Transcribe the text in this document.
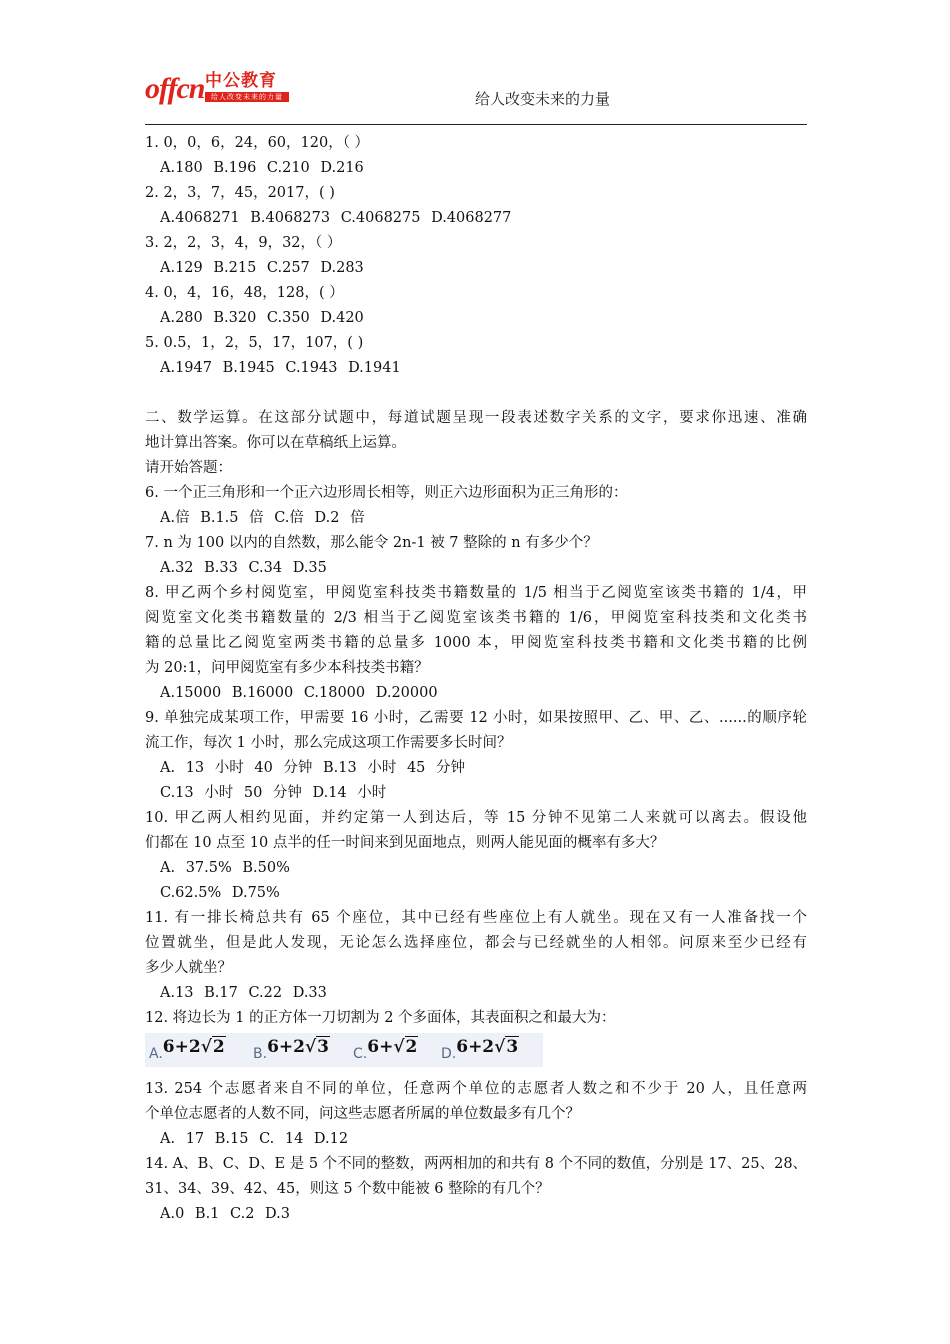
offcn 中公教育
给人改变未来的力量	给人改变未来的力量
1. 0，0，6，24，60，120，（ ）
A.180 B.196 C.210 D.216
2. 2，3，7，45，2017，( )
A.4068271 B.4068273 C.4068275 D.4068277
3. 2，2，3，4，9，32，（ ）
A.129 B.215 C.257 D.283
4. 0，4，16，48，128，( ）
A.280 B.320 C.350 D.420
5. 0.5，1，2，5，17，107，( )
A.1947 B.1945 C.1943 D.1941
二、数学运算。在这部分试题中，每道试题呈现一段表述数字关系的文字，要求你迅速、准确
地计算出答案。你可以在草稿纸上运算。
请开始答题：
6. 一个正三角形和一个正六边形周长相等，则正六边形面积为正三角形的：
A.倍 B.1.5 倍 C.倍 D.2 倍
7. n 为 100 以内的自然数，那么能令 2n-1 被 7 整除的 n 有多少个？
A.32 B.33 C.34 D.35
8. 甲乙两个乡村阅览室，甲阅览室科技类书籍数量的 1/5 相当于乙阅览室该类书籍的 1/4，甲
阅览室文化类书籍数量的 2/3 相当于乙阅览室该类书籍的 1/6，甲阅览室科技类和文化类书
籍的总量比乙阅览室两类书籍的总量多 1000 本，甲阅览室科技类书籍和文化类书籍的比例
为 20:1，问甲阅览室有多少本科技类书籍？
A.15000 B.16000 C.18000 D.20000
9. 单独完成某项工作，甲需要 16 小时，乙需要 12 小时，如果按照甲、乙、甲、乙、......的顺序轮
流工作，每次 1 小时，那么完成这项工作需要多长时间？
A. 13 小时 40 分钟 B.13 小时 45 分钟
C.13 小时 50 分钟 D.14 小时
10. 甲乙两人相约见面，并约定第一人到达后，等 15 分钟不见第二人来就可以离去。假设他
们都在 10 点至 10 点半的任一时间来到见面地点，则两人能见面的概率有多大？
A. 37.5% B.50%
C.62.5% D.75%
11. 有一排长椅总共有 65 个座位，其中已经有些座位上有人就坐。现在又有一人准备找一个
位置就坐，但是此人发现，无论怎么选择座位，都会与已经就坐的人相邻。问原来至少已经有
多少人就坐？
A.13 B.17 C.22 D.33
12. 将边长为 1 的正方体一刀切割为 2 个多面体，其表面积之和最大为：
A.6+2√2 B.6+2√3 C.6+√2 D.6+2√3
13. 254 个志愿者来自不同的单位，任意两个单位的志愿者人数之和不少于 20 人，且任意两
个单位志愿者的人数不同，问这些志愿者所属的单位数最多有几个？
A. 17 B.15 C. 14 D.12
14. A、B、C、D、E 是 5 个不同的整数，两两相加的和共有 8 个不同的数值，分别是 17、25、28、
31、34、39、42、45，则这 5 个数中能被 6 整除的有几个？
A.0 B.1 C.2 D.3
